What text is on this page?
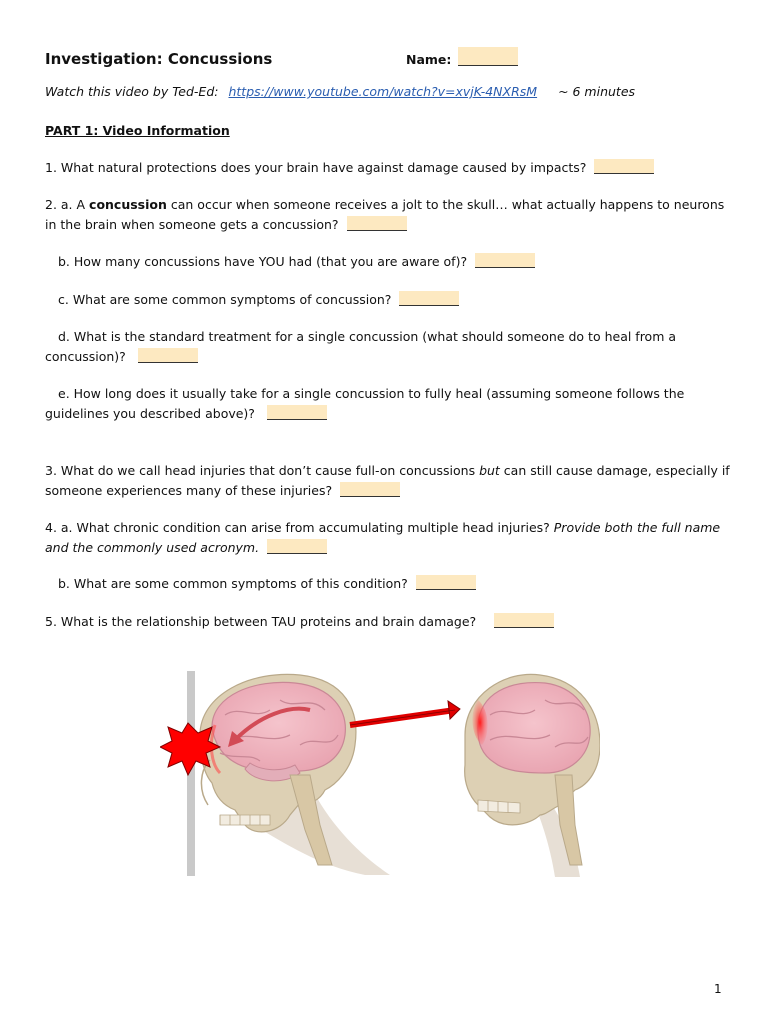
Investigation: Concussions	Name:
Watch this video by Ted-Ed: https://www.youtube.com/watch?v=xvjK-4NXRsM ~ 6 minutes
PART 1: Video Information
1. What natural protections does your brain have against damage caused by impacts?
2. a. A concussion can occur when someone receives a jolt to the skull… what actually happens to neurons in the brain when someone gets a concussion?
b. How many concussions have YOU had (that you are aware of)?
c. What are some common symptoms of concussion?
d. What is the standard treatment for a single concussion (what should someone do to heal from a concussion)?
e. How long does it usually take for a single concussion to fully heal (assuming someone follows the guidelines you described above)?
3. What do we call head injuries that don’t cause full-on concussions but can still cause damage, especially if someone experiences many of these injuries?
4. a. What chronic condition can arise from accumulating multiple head injuries? Provide both the full name and the commonly used acronym.
b. What are some common symptoms of this condition?
5. What is the relationship between TAU proteins and brain damage?
1
